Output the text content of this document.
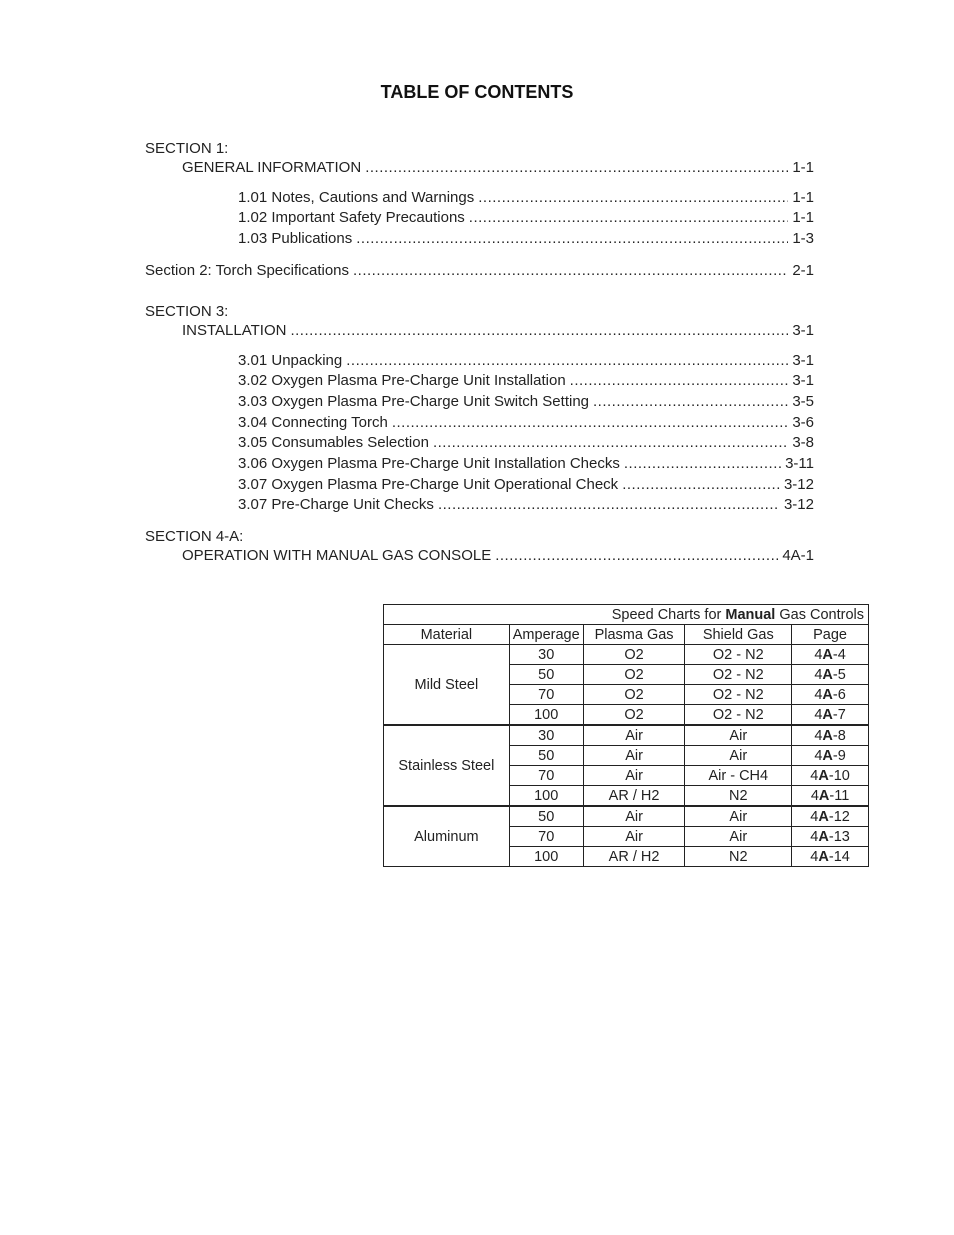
TABLE OF CONTENTS
SECTION 1:
GENERAL INFORMATION .....	1-1
1.01 Notes, Cautions and Warnings .....	1-1
1.02 Important Safety Precautions .....	1-1
1.03 Publications .....	1-3
Section 2: Torch Specifications .....	2-1
SECTION 3:
INSTALLATION .....	3-1
3.01 Unpacking .....	3-1
3.02 Oxygen Plasma Pre-Charge Unit Installation .....	3-1
3.03 Oxygen Plasma Pre-Charge Unit Switch Setting .....	3-5
3.04 Connecting Torch .....	3-6
3.05 Consumables Selection .....	3-8
3.06 Oxygen Plasma Pre-Charge Unit Installation Checks .....	3-11
3.07 Oxygen Plasma Pre-Charge Unit Operational Check .....	3-12
3.07 Pre-Charge Unit Checks .....	3-12
SECTION 4-A:
OPERATION WITH MANUAL GAS CONSOLE .....	4A-1
Speed Charts for Manual Gas Controls				
Material	Amperage	Plasma Gas	Shield Gas	Page
Mild Steel	30	O2	O2 - N2	4A-4
	50	O2	O2 - N2	4A-5
	70	O2	O2 - N2	4A-6
	100	O2	O2 - N2	4A-7
Stainless Steel	30	Air	Air	4A-8
	50	Air	Air	4A-9
	70	Air	Air - CH4	4A-10
	100	AR / H2	N2	4A-11
Aluminum	50	Air	Air	4A-12
	70	Air	Air	4A-13
	100	AR / H2	N2	4A-14
